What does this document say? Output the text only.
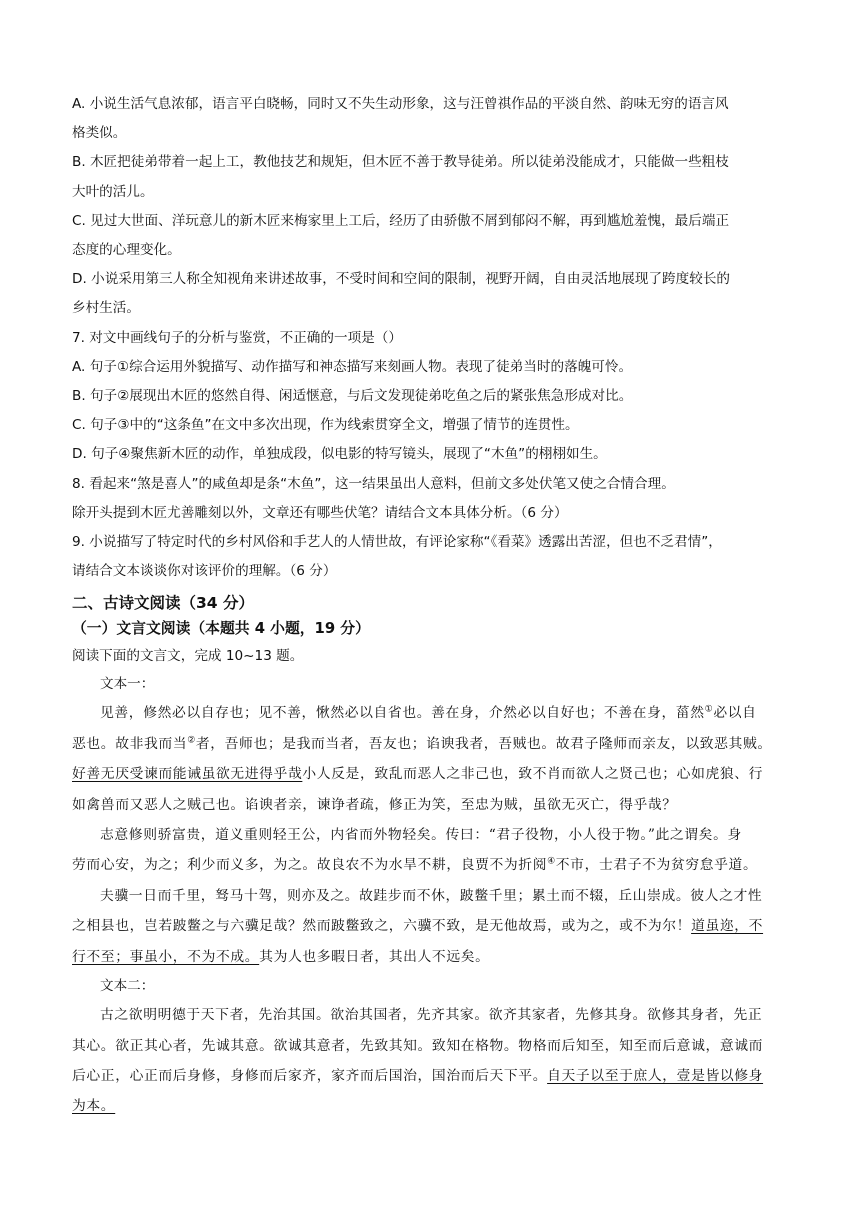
A. 小说生活气息浓郁，语言平白晓畅，同时又不失生动形象，这与汪曾祺作品的平淡自然、韵味无穷的语言风

格类似。

B. 木匠把徒弟带着一起上工，教他技艺和规矩，但木匠不善于教导徒弟。所以徒弟没能成才，只能做一些粗枝

大叶的活儿。

C. 见过大世面、洋玩意儿的新木匠来梅家里上工后，经历了由骄傲不屑到郁闷不解，再到尴尬羞愧，最后端正

态度的心理变化。

D. 小说采用第三人称全知视角来讲述故事，不受时间和空间的限制，视野开阔，自由灵活地展现了跨度较长的

乡村生活。

7. 对文中画线句子的分析与鉴赏，不正确的一项是（）

A. 句子①综合运用外貌描写、动作描写和神态描写来刻画人物。表现了徒弟当时的落魄可怜。

B. 句子②展现出木匠的悠然自得、闲适惬意，与后文发现徒弟吃鱼之后的紧张焦急形成对比。

C. 句子③中的“这条鱼”在文中多次出现，作为线索贯穿全文，增强了情节的连贯性。

D. 句子④聚焦新木匠的动作，单独成段，似电影的特写镜头，展现了“木鱼”的栩栩如生。

8. 看起来“煞是喜人”的咸鱼却是条“木鱼”，这一结果虽出人意料，但前文多处伏笔又使之合情合理。

除开头提到木匠尤善雕刻以外，文章还有哪些伏笔？请结合文本具体分析。（6 分）

9. 小说描写了特定时代的乡村风俗和手艺人的人情世故，有评论家称“《看菜》透露出苦涩，但也不乏君情”，

请结合文本谈谈你对该评价的理解。（6 分）

二、古诗文阅读（34 分）

（一）文言文阅读（本题共 4 小题，19 分）

阅读下面的文言文，完成 10~13 题。

文本一：

见善，修然必以自存也；见不善，愀然必以自省也。善在身，介然必以自好也；不善在身，菑然①必以自

恶也。故非我而当②者，吾师也；是我而当者，吾友也；谄谀我者，吾贼也。故君子隆师而亲友，以致恶其贼。

好善无厌受谏而能诫虽欲无进得乎哉小人反是，致乱而恶人之非己也，致不肖而欲人之贤己也；心如虎狼、行

如禽兽而又恶人之贼己也。谄谀者亲，谏诤者疏，修正为笑，至忠为贼，虽欲无灭亡，得乎哉？

志意修则骄富贵，道义重则轻王公，内省而外物轻矣。传曰：“君子役物，小人役于物。”此之谓矣。身

劳而心安，为之；利少而义多，为之。故良农不为水旱不耕，良贾不为折阅④不市，士君子不为贫穷怠乎道。

夫骥一日而千里，驽马十驾，则亦及之。故跬步而不休，跛鳖千里；累土而不辍，丘山崇成。彼人之才性

之相县也，岂若跛鳖之与六骥足哉？然而跛鳖致之，六骥不致，是无他故焉，或为之，或不为尔！道虽迩，不

行不至；事虽小，不为不成。其为人也多暇日者，其出人不远矣。

文本二：

古之欲明明德于天下者，先治其国。欲治其国者，先齐其家。欲齐其家者，先修其身。欲修其身者，先正

其心。欲正其心者，先诚其意。欲诚其意者，先致其知。致知在格物。物格而后知至，知至而后意诚，意诚而

后心正，心正而后身修，身修而后家齐，家齐而后国治，国治而后天下平。自天子以至于庶人，壹是皆以修身

为本。
